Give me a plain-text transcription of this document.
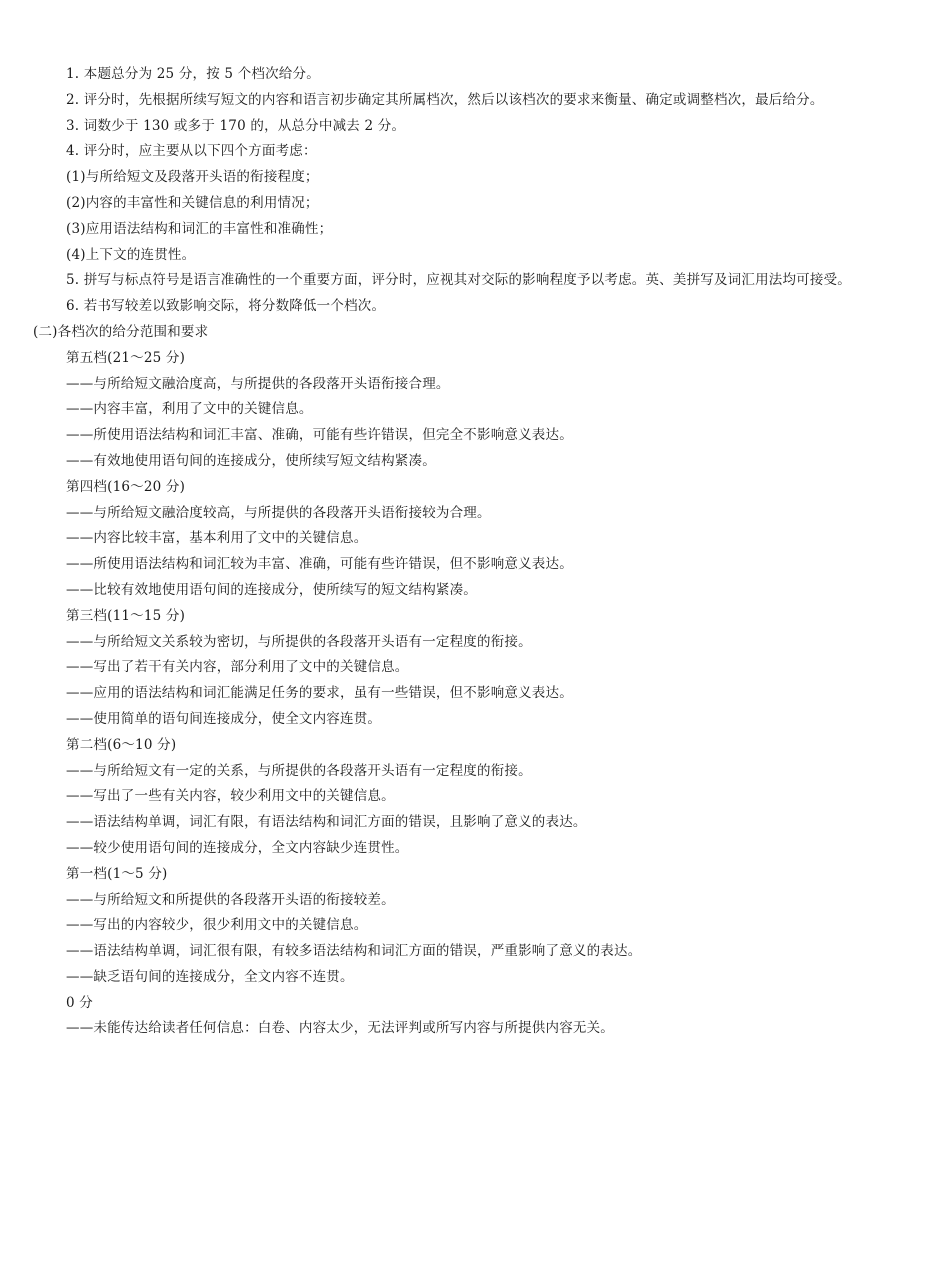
1. 本题总分为 25 分，按 5 个档次给分。
2. 评分时，先根据所续写短文的内容和语言初步确定其所属档次，然后以该档次的要求来衡量、确定或调整档次，最后给分。
3. 词数少于 130 或多于 170 的，从总分中减去 2 分。
4. 评分时，应主要从以下四个方面考虑：
(1)与所给短文及段落开头语的衔接程度；
(2)内容的丰富性和关键信息的利用情况；
(3)应用语法结构和词汇的丰富性和准确性；
(4)上下文的连贯性。
5. 拼写与标点符号是语言准确性的一个重要方面，评分时，应视其对交际的影响程度予以考虑。英、美拼写及词汇用法均可接受。
6. 若书写较差以致影响交际，将分数降低一个档次。
(二)各档次的给分范围和要求
第五档(21～25 分)
——与所给短文融洽度高，与所提供的各段落开头语衔接合理。
——内容丰富，利用了文中的关键信息。
——所使用语法结构和词汇丰富、准确，可能有些许错误，但完全不影响意义表达。
——有效地使用语句间的连接成分，使所续写短文结构紧凑。
第四档(16～20 分)
——与所给短文融洽度较高，与所提供的各段落开头语衔接较为合理。
——内容比较丰富，基本利用了文中的关键信息。
——所使用语法结构和词汇较为丰富、准确，可能有些许错误，但不影响意义表达。
——比较有效地使用语句间的连接成分，使所续写的短文结构紧凑。
第三档(11～15 分)
——与所给短文关系较为密切，与所提供的各段落开头语有一定程度的衔接。
——写出了若干有关内容，部分利用了文中的关键信息。
——应用的语法结构和词汇能满足任务的要求，虽有一些错误，但不影响意义表达。
——使用简单的语句间连接成分，使全文内容连贯。
第二档(6～10 分)
——与所给短文有一定的关系，与所提供的各段落开头语有一定程度的衔接。
——写出了一些有关内容，较少利用文中的关键信息。
——语法结构单调，词汇有限，有语法结构和词汇方面的错误，且影响了意义的表达。
——较少使用语句间的连接成分，全文内容缺少连贯性。
第一档(1～5 分)
——与所给短文和所提供的各段落开头语的衔接较差。
——写出的内容较少，很少利用文中的关键信息。
——语法结构单调，词汇很有限，有较多语法结构和词汇方面的错误，严重影响了意义的表达。
——缺乏语句间的连接成分，全文内容不连贯。
0 分
——未能传达给读者任何信息：白卷、内容太少，无法评判或所写内容与所提供内容无关。
